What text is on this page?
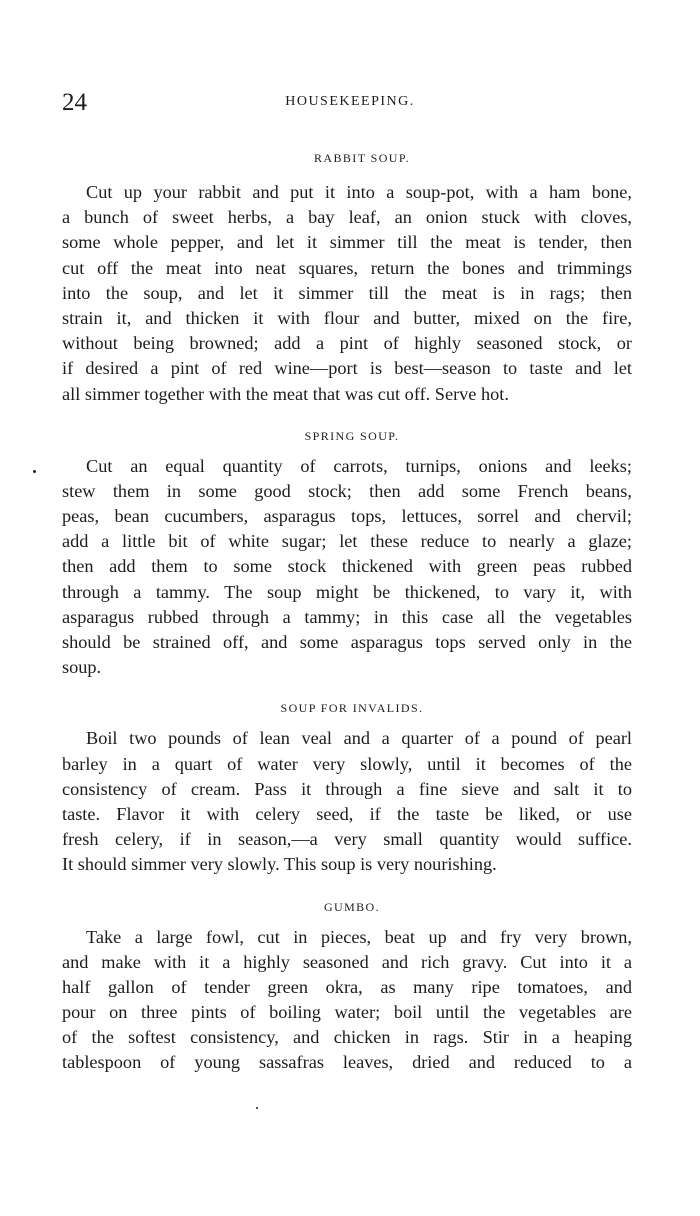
24	HOUSEKEEPING.
RABBIT SOUP.
Cut up your rabbit and put it into a soup-pot, with a ham bone,
a bunch of sweet herbs, a bay leaf, an onion stuck with cloves,
some whole pepper, and let it simmer till the meat is tender, then
cut off the meat into neat squares, return the bones and trimmings
into the soup, and let it simmer till the meat is in rags; then
strain it, and thicken it with flour and butter, mixed on the fire,
without being browned; add a pint of highly seasoned stock, or
if desired a pint of red wine—port is best—season to taste and let
all simmer together with the meat that was cut off. Serve hot.
SPRING SOUP.
Cut an equal quantity of carrots, turnips, onions and leeks;
stew them in some good stock; then add some French beans,
peas, bean cucumbers, asparagus tops, lettuces, sorrel and chervil;
add a little bit of white sugar; let these reduce to nearly a glaze;
then add them to some stock thickened with green peas rubbed
through a tammy. The soup might be thickened, to vary it, with
asparagus rubbed through a tammy; in this case all the vegetables
should be strained off, and some asparagus tops served only in the
soup.
SOUP FOR INVALIDS.
Boil two pounds of lean veal and a quarter of a pound of pearl
barley in a quart of water very slowly, until it becomes of the
consistency of cream. Pass it through a fine sieve and salt it to
taste. Flavor it with celery seed, if the taste be liked, or use
fresh celery, if in season,—a very small quantity would suffice.
It should simmer very slowly. This soup is very nourishing.
GUMBO.
Take a large fowl, cut in pieces, beat up and fry very brown,
and make with it a highly seasoned and rich gravy. Cut into it a
half gallon of tender green okra, as many ripe tomatoes, and
pour on three pints of boiling water; boil until the vegetables are
of the softest consistency, and chicken in rags. Stir in a heaping
tablespoon of young sassafras leaves, dried and reduced to a
